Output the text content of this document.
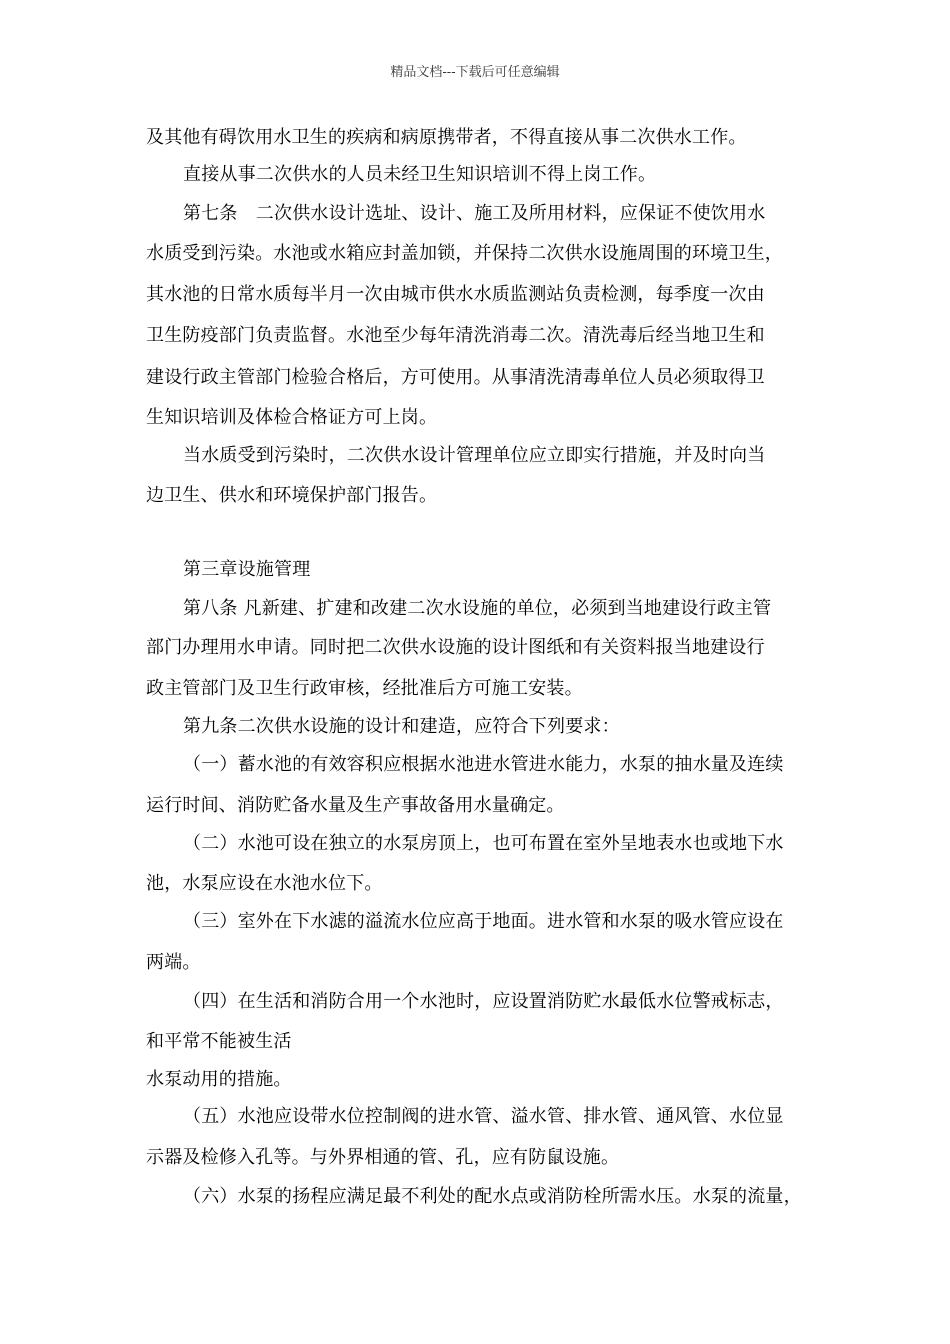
精品文档---下载后可任意编辑
及其他有碍饮用水卫生的疾病和病原携带者，不得直接从事二次供水工作。
直接从事二次供水的人员未经卫生知识培训不得上岗工作。
第七条　二次供水设计选址、设计、施工及所用材料，应保证不使饮用水
水质受到污染。水池或水箱应封盖加锁，并保持二次供水设施周围的环境卫生，
其水池的日常水质每半月一次由城市供水水质监测站负责检测，每季度一次由
卫生防疫部门负责监督。水池至少每年清洗消毒二次。清洗毒后经当地卫生和
建设行政主管部门检验合格后，方可使用。从事清洗清毒单位人员必须取得卫
生知识培训及体检合格证方可上岗。
当水质受到污染时，二次供水设计管理单位应立即实行措施，并及时向当
边卫生、供水和环境保护部门报告。
第三章设施管理
第八条 凡新建、扩建和改建二次水设施的单位，必须到当地建设行政主管
部门办理用水申请。同时把二次供水设施的设计图纸和有关资料报当地建设行
政主管部门及卫生行政审核，经批准后方可施工安装。
第九条二次供水设施的设计和建造，应符合下列要求：
（一）蓄水池的有效容积应根据水池进水管进水能力，水泵的抽水量及连续
运行时间、消防贮备水量及生产事故备用水量确定。
（二）水池可设在独立的水泵房顶上，也可布置在室外呈地表水也或地下水
池，水泵应设在水池水位下。
（三）室外在下水滤的溢流水位应高于地面。进水管和水泵的吸水管应设在
两端。
（四）在生活和消防合用一个水池时，应设置消防贮水最低水位警戒标志，
和平常不能被生活
水泵动用的措施。
（五）水池应设带水位控制阀的进水管、溢水管、排水管、通风管、水位显
示器及检修入孔等。与外界相通的管、孔，应有防鼠设施。
（六）水泵的扬程应满足最不利处的配水点或消防栓所需水压。水泵的流量，
